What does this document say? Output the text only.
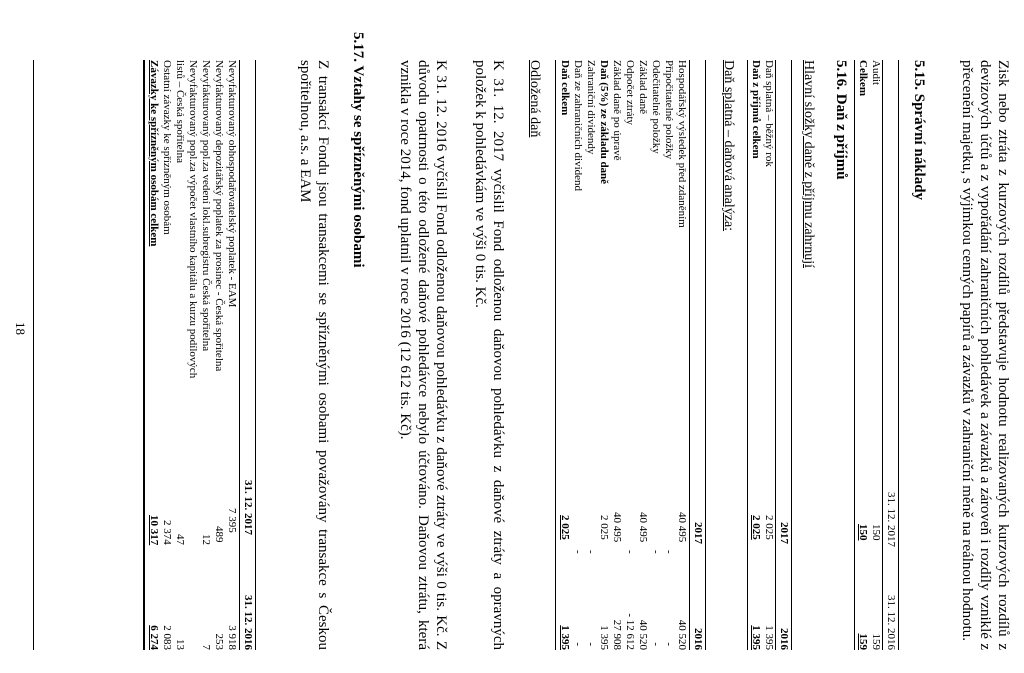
Zisk nebo ztráta z kurzových rozdílů představuje hodnotu realizovaných kurzových rozdílů z devizových účtů a z vypořádání zahraničních pohledávek a závazků a zároveň i rozdíly vzniklé z přecenění majetku, s výjimkou cenných papírů a závazků v zahraniční měně na reálnou hodnotu.
5.15. Správní náklady
31. 12. 2017
31. 12. 2016
Audit
150
159
Celkem
150
159
5.16. Daň z příjmů
Hlavní složky daně z příjmu zahrnují
2017
2016
Daň splatná – běžný rok
2 025
1 395
Daň z příjmů celkem
2 025
1 395
Daň splatná – daňová analýza:
2017
2016
Hospodářský výsledek před zdaněním
40 495
40 520
Připočitatelné položky
-
-
Odečitatelné položky
-
-
Základ daně
40 495
40 520
Odpočet ztráty
-
- 12 612
Základ daně po úpravě
40 495
27 908
Daň (5%) ze základu daně
2 025
1 395
Zahraniční dividendy
-
-
Daň ze zahraničních dividend
-
-
Daň celkem
2 025
1 395
Odložená daň
K 31. 12. 2017 vyčíslil Fond odloženou daňovou pohledávku z daňové ztráty a opravných položek k pohledávkám ve výši 0 tis. Kč.
K 31. 12. 2016 vyčíslil Fond odloženou daňovou pohledávku z daňové ztráty ve výši 0 tis. Kč. Z důvodu opatrnosti o této odložené daňové pohledávce nebylo účtováno. Daňovou ztrátu, která vznikla v roce 2014, fond uplatnil v roce 2016 (12 612 tis. Kč).
5.17. Vztahy se spřízněnými osobami
Z transakcí Fondu jsou transakcemi se spřízněnými osobami považovány transakce s Českou spořitelnou, a.s. a EAM
31. 12. 2017
31. 12. 2016
Nevyfakturovaný obhospodařovatelský poplatek - EAM
7 395
3 918
Nevyfakturovaný depozitářský poplatek za prosinec - Česká spořitelna
489
253
Nevyfakturovaný popl.za vedení lokl.subregistru Česká spořitelna
12
7
Nevyfakturovaný popl.za výpočet vlastního kapitálu a kurzu podílových
listů – Česká spořitelna
47
13
Ostatní závazky ke spřízněným osobám
2 374
2 083
Závazky ke spřízněným osobám celkem
10 317
6 274
18
